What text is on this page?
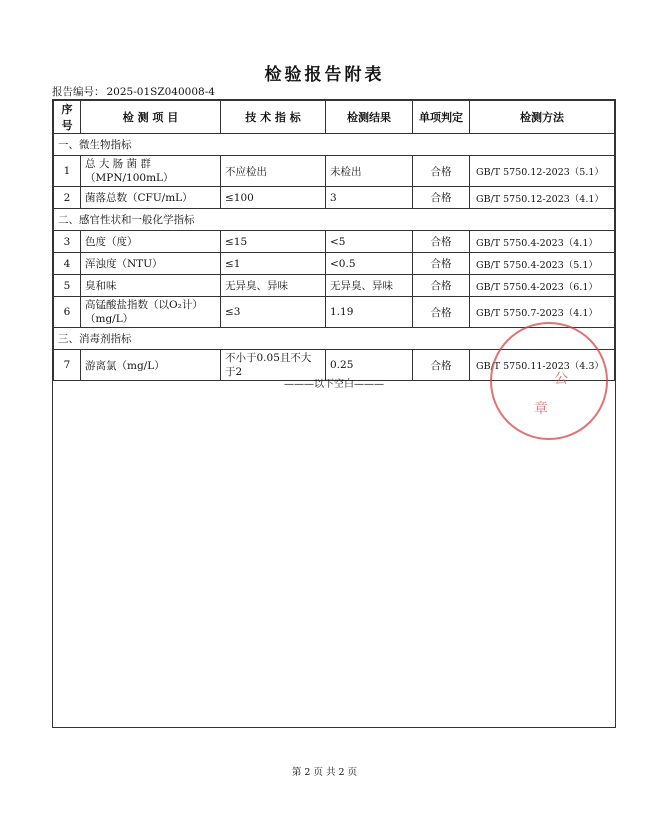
检验报告附表
报告编号： 2025-01SZ040008-4
序号	检 测 项 目	技 术 指 标	检测结果	单项判定	检测方法
一、微生物指标					
1	总 大 肠 菌 群（MPN/100mL）	不应检出	未检出	合格	GB/T 5750.12-2023（5.1）
2	菌落总数（CFU/mL）	≤100	3	合格	GB/T 5750.12-2023（4.1）
二、感官性状和一般化学指标					
3	色度（度）	≤15	<5	合格	GB/T 5750.4-2023（4.1）
4	浑浊度（NTU）	≤1	<0.5	合格	GB/T 5750.4-2023（5.1）
5	臭和味	无异臭、异味	无异臭、异味	合格	GB/T 5750.4-2023（6.1）
6	高锰酸盐指数（以O₂计）（mg/L）	≤3	1.19	合格	GB/T 5750.7-2023（4.1）
三、消毒剂指标					
7	游离氯（mg/L）	不小于0.05且不大于2	0.25	合格	GB/T 5750.11-2023（4.3）
———以下空白———	公
章
第 2 页 共 2 页
